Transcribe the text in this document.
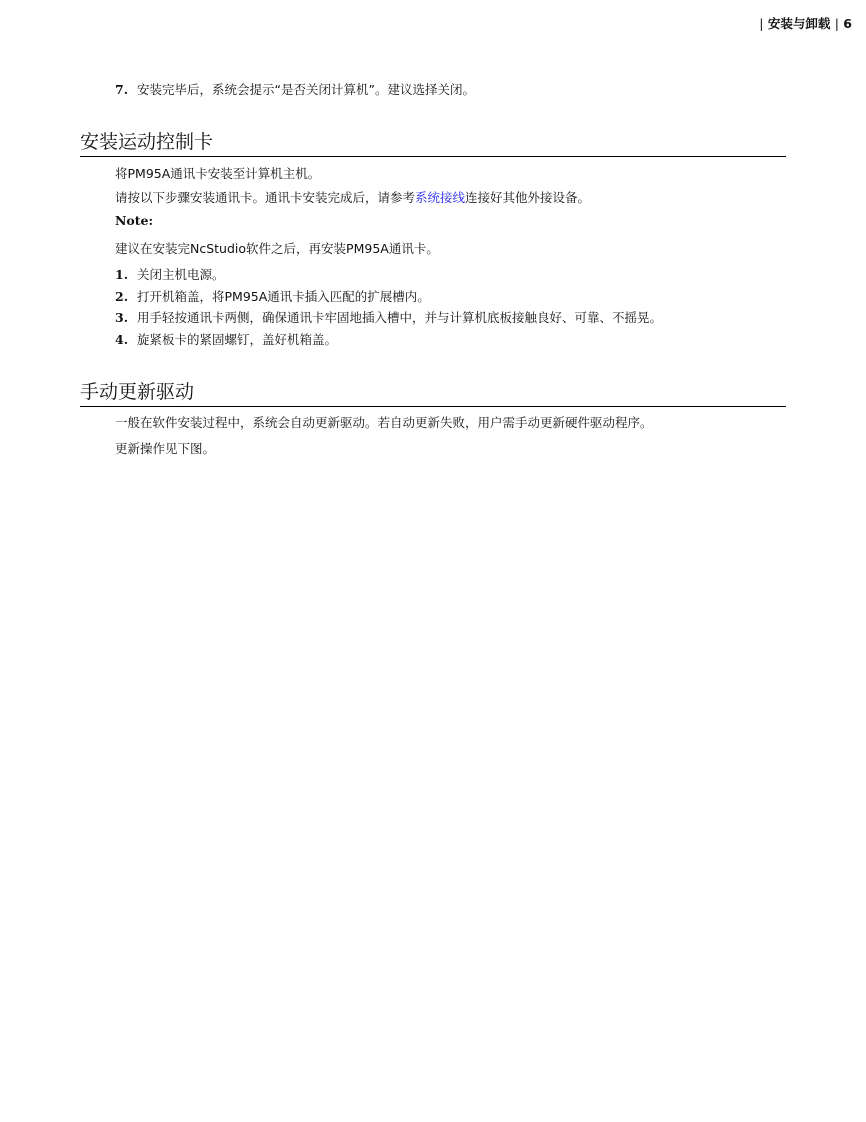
| 安装与卸载 | 6
7. 安装完毕后，系统会提示“是否关闭计算机”。建议选择关闭。
安装运动控制卡
将PM95A通讯卡安装至计算机主机。
请按以下步骤安装通讯卡。通讯卡安装完成后，请参考系统接线连接好其他外接设备。
Note:
建议在安装完NcStudio软件之后，再安装PM95A通讯卡。
1. 关闭主机电源。
2. 打开机箱盖，将PM95A通讯卡插入匹配的扩展槽内。
3. 用手轻按通讯卡两侧，确保通讯卡牢固地插入槽中，并与计算机底板接触良好、可靠、不摇晃。
4. 旋紧板卡的紧固螺钉，盖好机箱盖。
手动更新驱动
一般在软件安装过程中，系统会自动更新驱动。若自动更新失败，用户需手动更新硬件驱动程序。
更新操作见下图。
